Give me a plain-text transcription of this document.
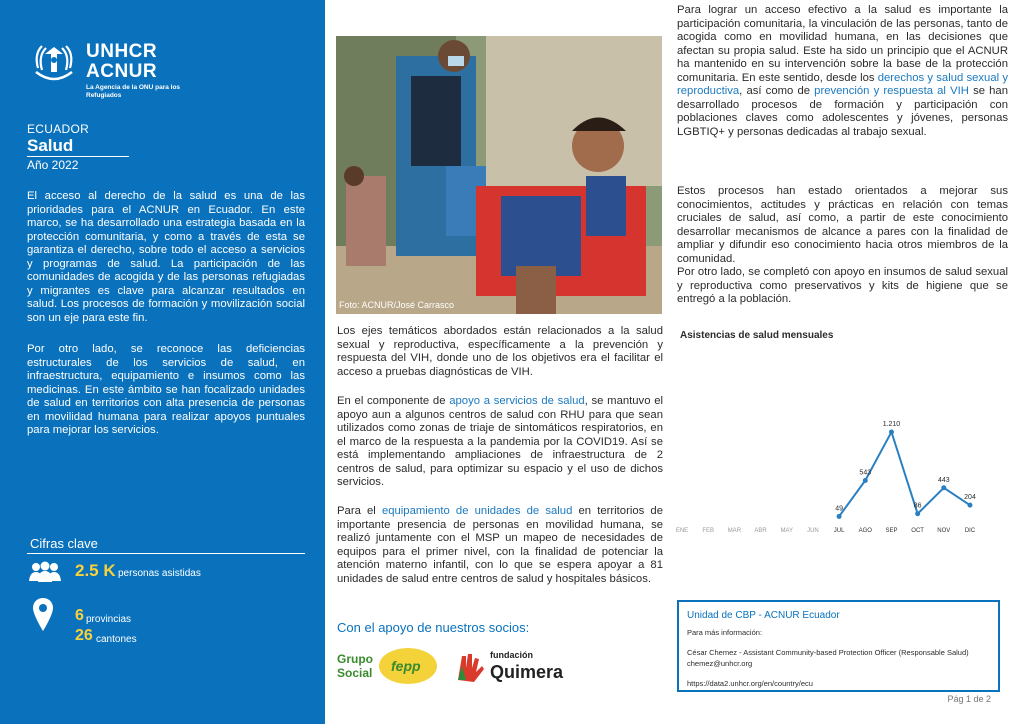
UNHCR
ACNUR
La Agencia de la ONU para los Refugiados
ECUADOR
Salud
Año 2022
El acceso al derecho de la salud es una de las prioridades para el ACNUR en Ecuador. En este marco, se ha desarrollado una estrategia basada en la protección comunitaria, y como a través de esta se garantiza el derecho, sobre todo el acceso a servicios y programas de salud. La participación de las comunidades de acogida y de las personas refugiadas y migrantes es clave para alcanzar resultados en salud. Los procesos de formación y movilización social son un eje para este fin.
Por otro lado, se reconoce las deficiencias estructurales de los servicios de salud, en infraestructura, equipamiento e insumos como las medicinas. En este ámbito se han focalizado unidades de salud en territorios con alta presencia de personas en movilidad humana para realizar apoyos puntuales para mejorar los servicios.
Cifras clave
2.5 K personas asistidas
6 provincias
26 cantones
Foto: ACNUR/José Carrasco
Los ejes temáticos abordados están relacionados a la salud sexual y reproductiva, específicamente a la prevención y respuesta del VIH, donde uno de los objetivos era el facilitar el acceso a pruebas diagnósticas de VIH.
En el componente de apoyo a servicios de salud, se mantuvo el apoyo aun a algunos centros de salud con RHU para que sean utilizados como zonas de triaje de sintomáticos respiratorios, en el marco de la respuesta a la pandemia por la COVID19. Así se está implementando ampliaciones de infraestructura de 2 centros de salud, para optimizar su espacio y el uso de dichos servicios.
Para el equipamiento de unidades de salud en territorios de importante presencia de personas en movilidad humana, se realizó juntamente con el MSP un mapeo de necesidades de equipos para el primer nivel, con la finalidad de potenciar la atención materno infantil, con lo que se espera apoyar a 81 unidades de salud entre centros de salud y hospitales básicos.
Con el apoyo de nuestros socios:
Grupo
Social fepp
fundación
Quimera
Para lograr un acceso efectivo a la salud es importante la participación comunitaria, la vinculación de las personas, tanto de acogida como en movilidad humana, en las decisiones que afectan su propia salud. Este ha sido un principio que el ACNUR ha mantenido en su intervención sobre la base de la protección comunitaria. En este sentido, desde los derechos y salud sexual y reproductiva, así como de prevención y respuesta al VIH se han desarrollado procesos de formación y participación con poblaciones claves como adolescentes y jóvenes, personas LGBTIQ+ y personas dedicadas al trabajo sexual.
Estos procesos han estado orientados a mejorar sus conocimientos, actitudes y prácticas en relación con temas cruciales de salud, así como, a partir de este conocimiento desarrollar mecanismos de alcance a pares con la finalidad de ampliar y difundir eso conocimiento hacia otros miembros de la comunidad.
Por otro lado, se completó con apoyo en insumos de salud sexual y reproductiva como preservativos y kits de higiene que se entregó a la población.
Asistencias de salud mensuales
49
543
1.210
86
443
204
ENE FEB MAR ABR MAY JUN	JUL AGO SEP OCT NOV DIC
Unidad de CBP - ACNUR Ecuador
Para más información:
César Chemez - Assistant Community-based Protection Officer (Responsable Salud)
chemez@unhcr.org
https://data2.unhcr.org/en/country/ecu
Pág 1 de 2
